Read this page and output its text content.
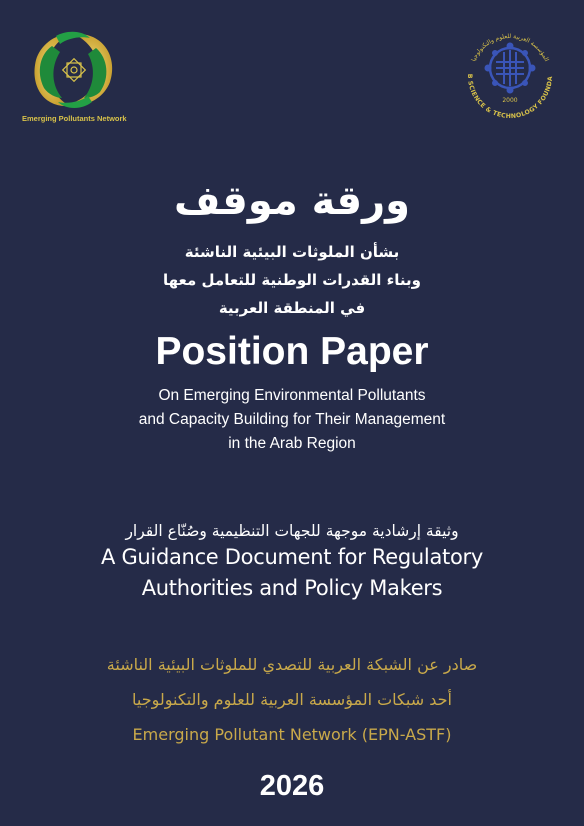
Emerging Pollutants Network
B SCIENCE & TECHNOLOGY FOUNDA
المؤسسة العربية للعلوم والتكنولوجيا
2000
ورقة موقف
بشأن الملوثات البيئية الناشئة
وبناء القدرات الوطنية للتعامل معها
في المنطقة العربية
Position Paper
On Emerging Environmental Pollutants
and Capacity Building for Their Management
in the Arab Region
وثيقة إرشادية موجهة للجهات التنظيمية وصُنّاع القرار
A Guidance Document for Regulatory
Authorities and Policy Makers
صادر عن الشبكة العربية للتصدي للملوثات البيئية الناشئة
أحد شبكات المؤسسة العربية للعلوم والتكنولوجيا
Emerging Pollutant Network (EPN-ASTF)
2026
